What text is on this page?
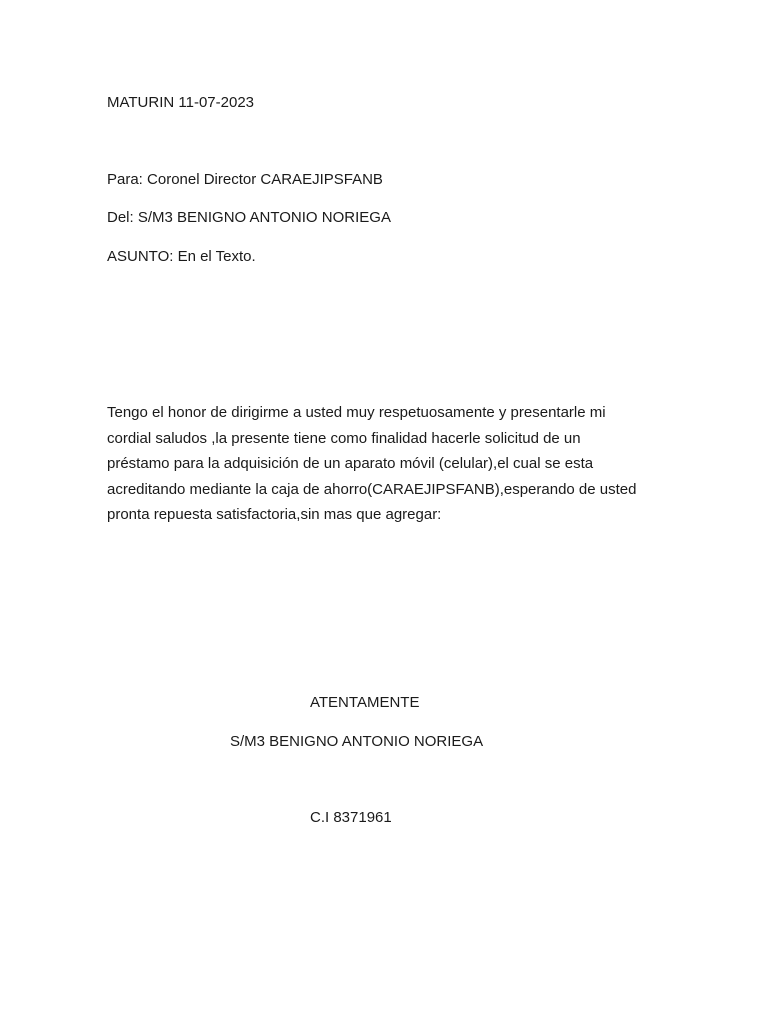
MATURIN 11-07-2023
Para: Coronel Director CARAEJIPSFANB
Del: S/M3 BENIGNO ANTONIO NORIEGA
ASUNTO: En el Texto.
Tengo el honor de dirigirme a usted muy respetuosamente y presentarle mi
cordial saludos ,la presente tiene como finalidad hacerle solicitud de un
préstamo para la adquisición de un aparato móvil (celular),el cual se esta
acreditando mediante la caja de ahorro(CARAEJIPSFANB),esperando de usted
pronta repuesta satisfactoria,sin mas que agregar:
ATENTAMENTE
S/M3 BENIGNO ANTONIO NORIEGA
C.I 8371961
